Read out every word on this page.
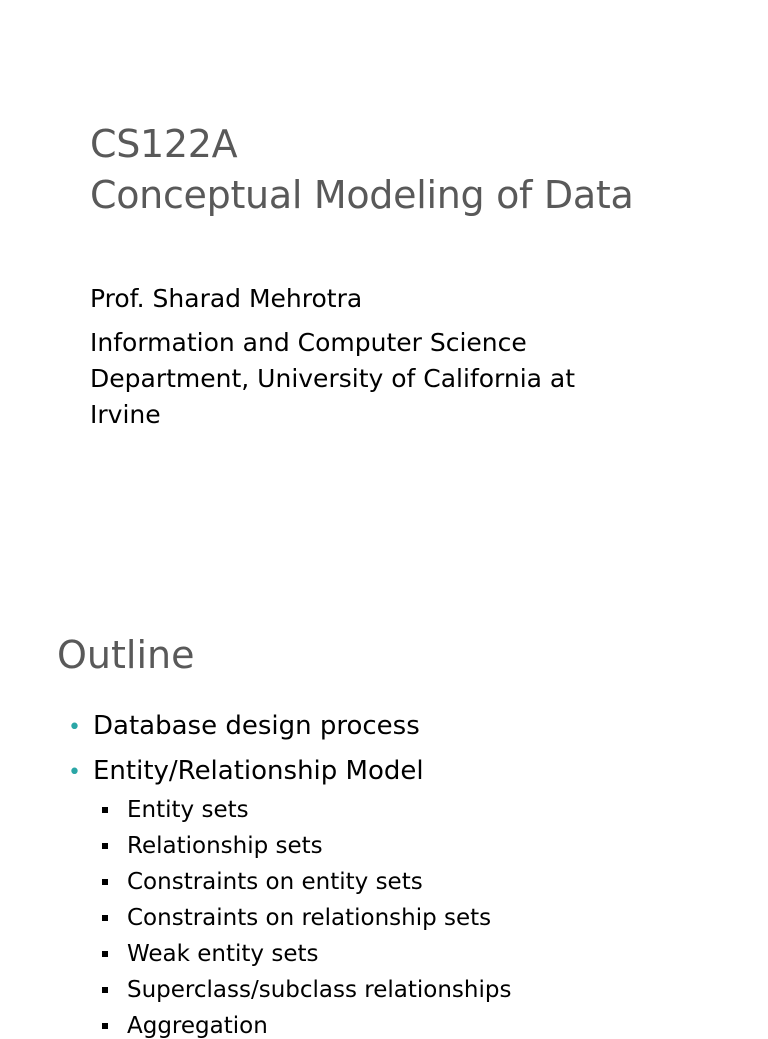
CS122A
Conceptual Modeling of Data
Prof. Sharad Mehrotra
Information and Computer Science Department, University of California at Irvine
Outline
• Database design process
• Entity/Relationship Model
Entity sets
Relationship sets
Constraints on entity sets
Constraints on relationship sets
Weak entity sets
Superclass/subclass relationships
Aggregation
